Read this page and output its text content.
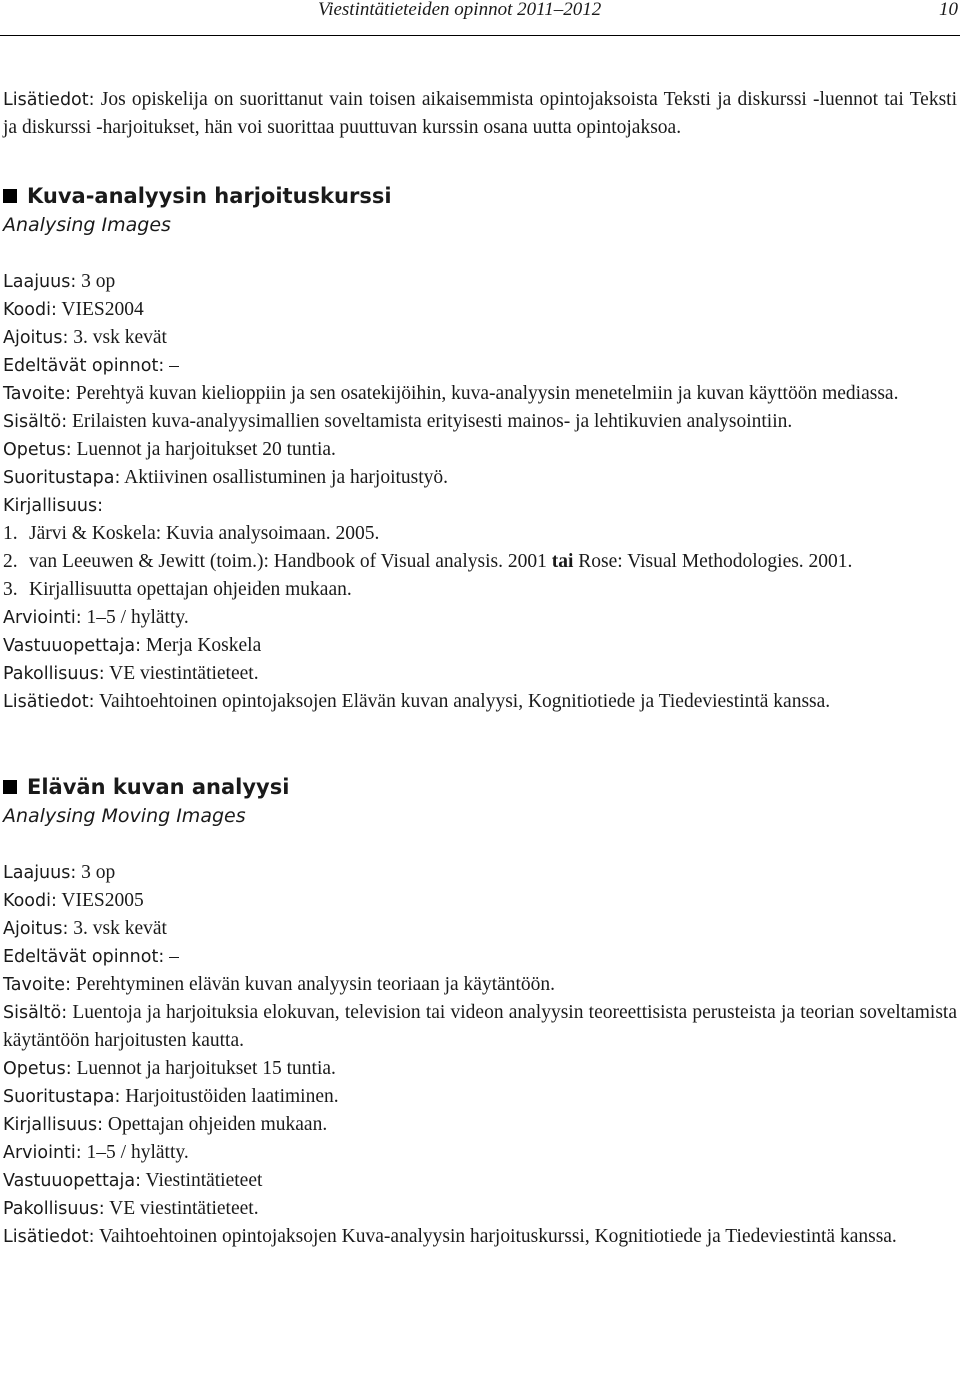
Viestintätieteiden opinnot 2011–2012	10

Lisätiedot: Jos opiskelija on suorittanut vain toisen aikaisemmista opintojaksoista Teksti ja diskurssi -luennot tai Teksti ja diskurssi -harjoitukset, hän voi suorittaa puuttuvan kurssin osana uutta opintojaksoa.

Kuva-analyysin harjoituskurssi
Analysing Images

Laajuus: 3 op

Koodi: VIES2004

Ajoitus: 3. vsk kevät

Edeltävät opinnot: –

Tavoite: Perehtyä kuvan kielioppiin ja sen osatekijöihin, kuva-analyysin menetelmiin ja kuvan käyttöön mediassa.

Sisältö: Erilaisten kuva-analyysimallien soveltamista erityisesti mainos- ja lehtikuvien analysointiin.

Opetus: Luennot ja harjoitukset 20 tuntia.

Suoritustapa: Aktiivinen osallistuminen ja harjoitustyö.

Kirjallisuus:

1. Järvi & Koskela: Kuvia analysoimaan. 2005.
2. van Leeuwen & Jewitt (toim.): Handbook of Visual analysis. 2001 tai Rose: Visual Methodologies. 2001.
3. Kirjallisuutta opettajan ohjeiden mukaan.

Arviointi: 1–5 / hylätty.

Vastuuopettaja: Merja Koskela

Pakollisuus: VE viestintätieteet.

Lisätiedot: Vaihtoehtoinen opintojaksojen Elävän kuvan analyysi, Kognitiotiede ja Tiedeviestintä kanssa.

Elävän kuvan analyysi
Analysing Moving Images

Laajuus: 3 op

Koodi: VIES2005

Ajoitus: 3. vsk kevät

Edeltävät opinnot: –

Tavoite: Perehtyminen elävän kuvan analyysin teoriaan ja käytäntöön.

Sisältö: Luentoja ja harjoituksia elokuvan, television tai videon analyysin teoreettisista perusteista ja teorian soveltamista käytäntöön harjoitusten kautta.

Opetus: Luennot ja harjoitukset 15 tuntia.

Suoritustapa: Harjoitustöiden laatiminen.

Kirjallisuus: Opettajan ohjeiden mukaan.

Arviointi: 1–5 / hylätty.

Vastuuopettaja: Viestintätieteet

Pakollisuus: VE viestintätieteet.

Lisätiedot: Vaihtoehtoinen opintojaksojen Kuva-analyysin harjoituskurssi, Kognitiotiede ja Tiedeviestintä kanssa.
